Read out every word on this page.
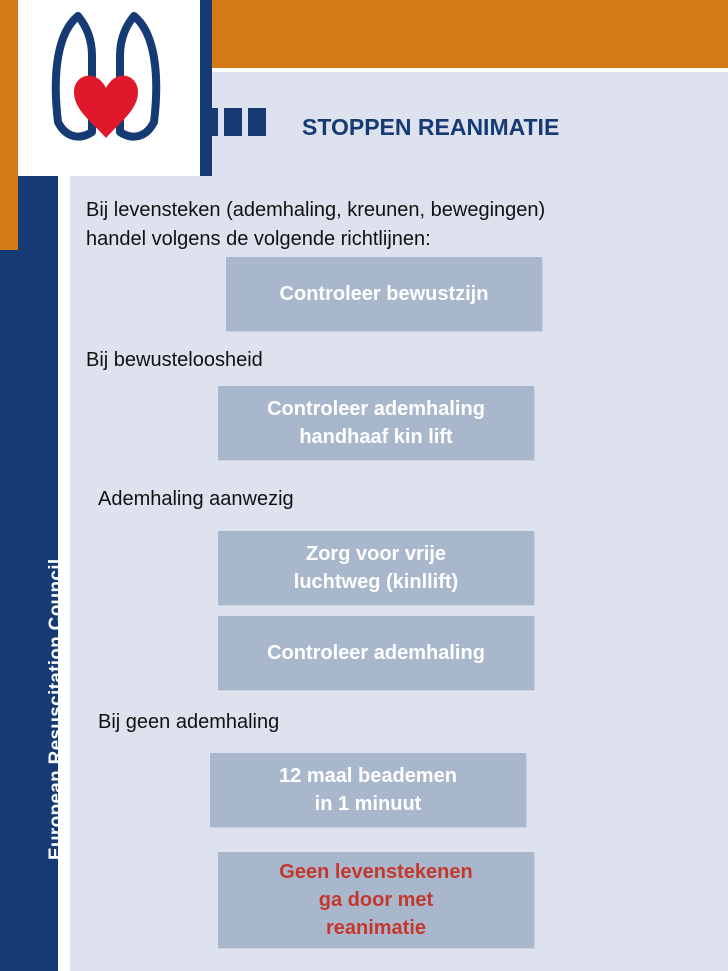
European Resuscitation Council
STOPPEN REANIMATIE
Bij levensteken (ademhaling, kreunen, bewegingen)
handel volgens de volgende richtlijnen:
Controleer bewustzijn
Bij bewusteloosheid
Controleer ademhaling
handhaaf kin lift
Ademhaling aanwezig
Zorg voor vrije
luchtweg (kinllift)
Controleer ademhaling
Bij geen ademhaling
12 maal beademen
in 1 minuut
Geen levenstekenen
ga door met
reanimatie
